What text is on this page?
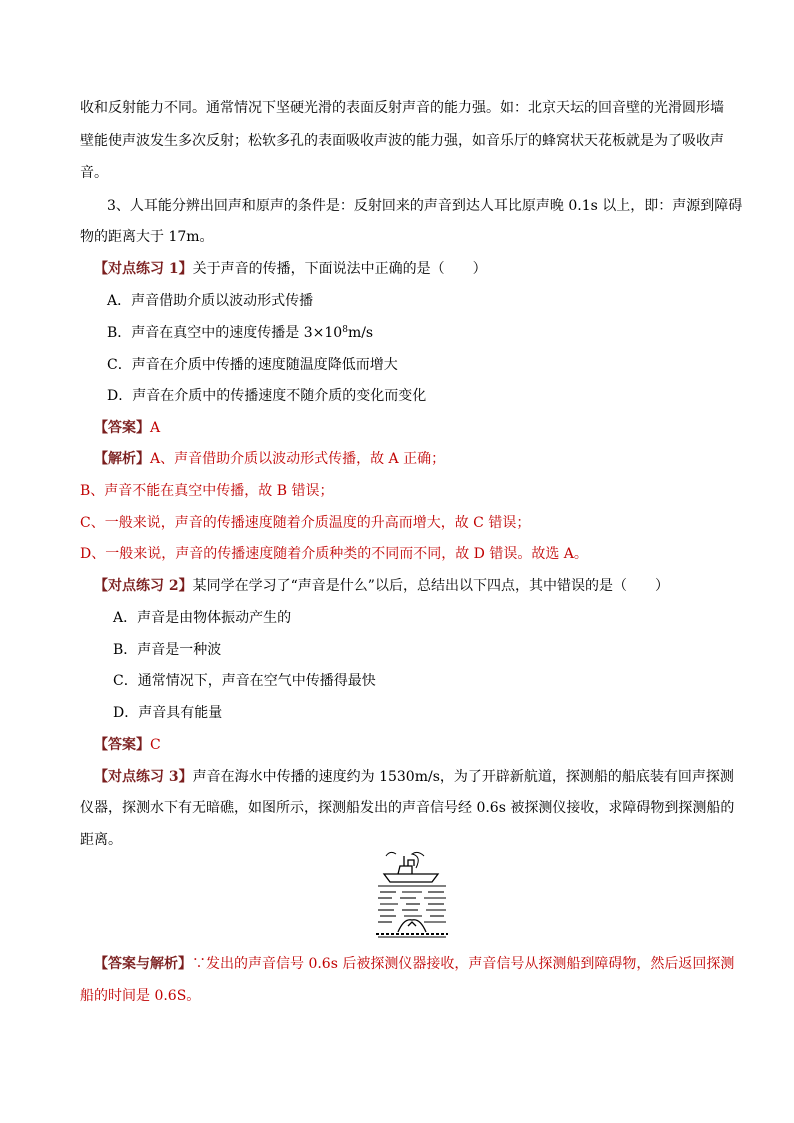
收和反射能力不同。通常情况下坚硬光滑的表面反射声音的能力强。如：北京天坛的回音壁的光滑圆形墙
壁能使声波发生多次反射；松软多孔的表面吸收声波的能力强，如音乐厅的蜂窝状天花板就是为了吸收声
音。
3、人耳能分辨出回声和原声的条件是：反射回来的声音到达人耳比原声晚 0.1s 以上，即：声源到障碍
物的距离大于 17m。
【对点练习 1】关于声音的传播，下面说法中正确的是（　　）
A．声音借助介质以波动形式传播
B．声音在真空中的速度传播是 $3\times 10^8m/s$
C．声音在介质中传播的速度随温度降低而增大
D．声音在介质中的传播速度不随介质的变化而变化
【答案】A
【解析】A、声音借助介质以波动形式传播，故 A 正确；
B、声音不能在真空中传播，故 B 错误；
C、一般来说，声音的传播速度随着介质温度的升高而增大，故 C 错误；
D、一般来说，声音的传播速度随着介质种类的不同而不同，故 D 错误。故选 A。
【对点练习 2】某同学在学习了“声音是什么”以后，总结出以下四点，其中错误的是（　　）
A．声音是由物体振动产生的
B．声音是一种波
C．通常情况下，声音在空气中传播得最快
D．声音具有能量
【答案】C
【对点练习 3】声音在海水中传播的速度约为 1530m/s，为了开辟新航道，探测船的船底装有回声探测
仪器，探测水下有无暗礁，如图所示，探测船发出的声音信号经 0.6s 被探测仪接收，求障碍物到探测船的
距离。
【答案与解析】∵发出的声音信号 0.6s 后被探测仪器接收，声音信号从探测船到障碍物，然后返回探测
船的时间是 0.6S。
